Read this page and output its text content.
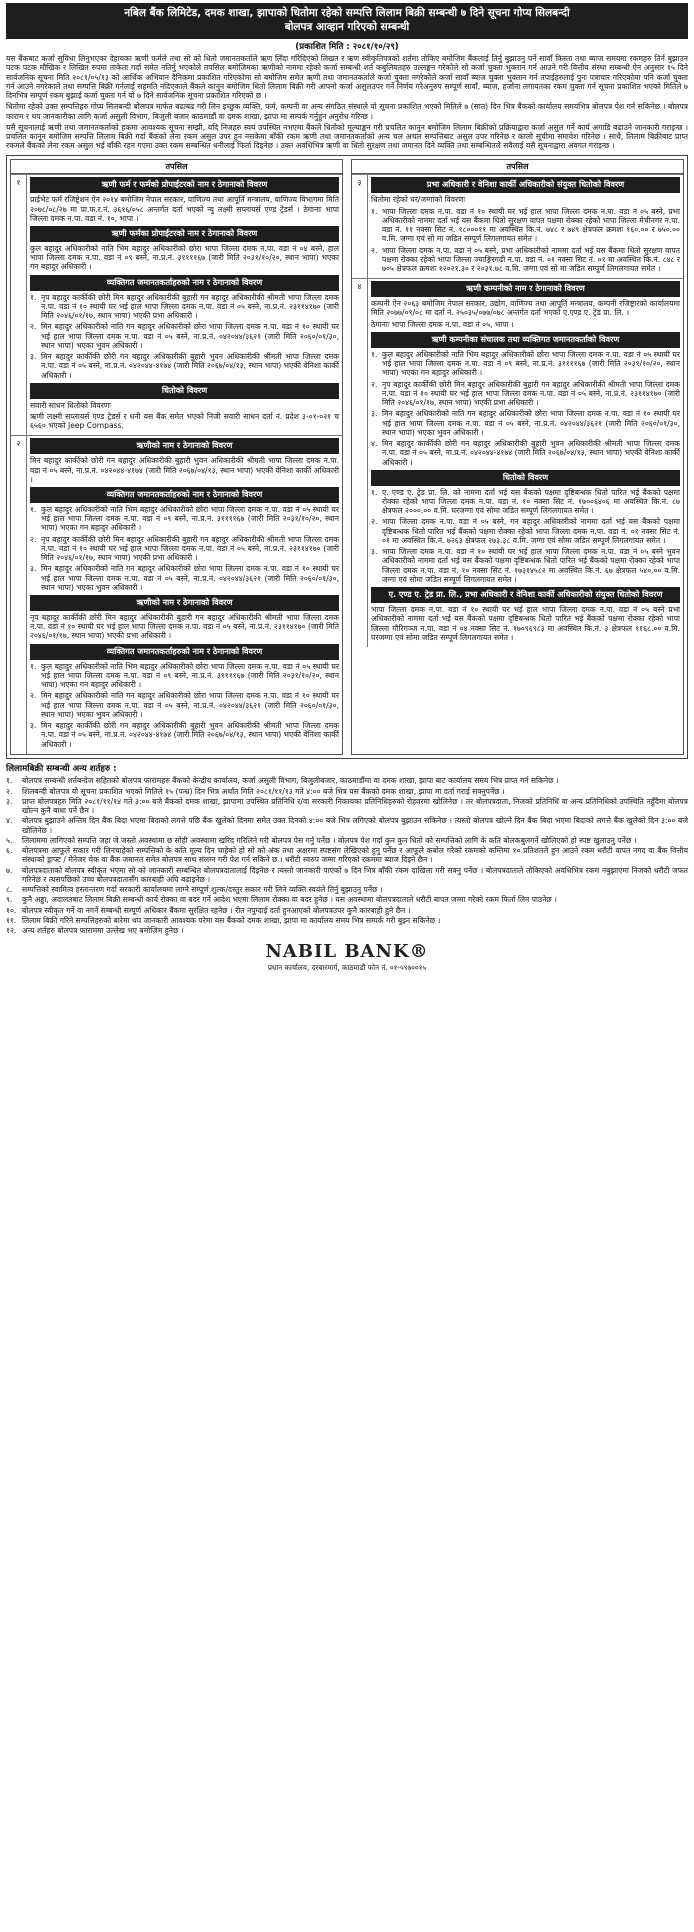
नबिल बैंक लिमिटेड, दमक शाखा, झापाको धितोमा रहेको सम्पत्ति लिलाम बिक्री सम्बन्धी ७ दिने सूचना गोप्य सिलबन्दी
बोलपत्र आव्हान गरिएको सम्बन्धी
(प्रकाशित मिति : २०८१/१०/२९)

यस बैंकबाट कर्जा सुविधा लिनुभएका देहायका ऋणी फर्मले तथा सो को धितो जमानतकर्ताले ऋण लिँदा गरिदिएको लिखत र ऋण स्वीकृतिपत्रको शर्तमा तोकिए बमोजिम बैंकलाई तिर्नु बुझाउनु पर्ने सावाँ किस्ता तथा ब्याज समयमा रकमहरु तिर्न बुझाउन पटक पटक मौखिक र लिखित रुपमा ताकेता गर्दा समेत नतिर्नु भएकोले तपसिल बमोजिमका ऋणीको नाममा रहेको कर्जा सम्बन्धी शर्त कबुलियतहरु उल्लङ्घन गरेकोले सो कर्जा चुक्ता भुक्तान गर्न आउने गरी वित्तीय संस्था सम्बन्धी ऐन अनुसार १५ दिने सार्वजनिक सूचना मिति २०८१/०५/१३ को आर्थिक अभियान दैनिकमा प्रकाशित गरिएकोमा सो बमोजिम समेत ऋणी तथा जमानतकर्ताले कर्जा चुक्ता नगरेकोले कर्जा सावाँ ब्याज चुक्ता भुक्तान गर्न तपाईहरुलाई पुनः पत्राचार गरिएकोमा पनि कर्जा चुक्ता गर्न आउने नगरेकाले तथा सम्पत्ति बिक्री गर्नलाई सहमति नदिएकाले बैंकले कानुन बमोजिम धितो लिलाम बिक्री गरी आफ्नो कर्जा असुलउपर गर्ने निर्णय गरेअनुरुप सम्पूर्ण सावाँ, ब्याज, हर्जाना लगायतका रकम चुक्ता गर्न सूचना प्रकाशित भएको मितिले ७ दिनभित्र सम्पूर्ण रकम बुझाई कर्जा चुक्ता गर्न यो ७ दिने सार्वजनिक सूचना प्रकाशित गरिएको छ ।

धितोमा रहेको उक्त सम्पत्तिहरु गोप्य सिलबन्दी बोलपत्र मार्फत बढाबढ गरी लिन इच्छुक व्यक्ति, फर्म, कम्पनी वा अन्य संगठित संस्थाले यो सूचना प्रकाशित भएको मितिले ७ (सात) दिन भित्र बैंकको कार्यालय समयभित्र बोलपत्र पेश गर्न सकिनेछ । बोलपत्र फाराम र थप जानकारीका लागि कर्जा असुली विभाग, बिजुली बजार काठमाडौं वा दमक शाखा, झापा मा सम्पर्क गर्नुहुन अनुरोध गरिन्छ ।

यसै सूचनालाई ऋणी तथा जमानतकर्ताको हकमा आवश्यक सूचना सम्झी, यदि निजहरु स्वयं उपस्थित नभएमा बैंकले धितोको मूल्याङ्कन गरी प्रचलित कानुन बमोजिम लिलाम बिक्रीको प्रक्रियाद्वारा कर्जा असुल गर्ने कार्य अगाडि बढाउने जानकारी गराइन्छ । प्रचलित कानून बमोजिम सम्पत्ति लिलाम बिक्री गर्दा बैंकको लेना रकम असुल उपर हुन नसकेमा बाँकी रकम ऋणी तथा जमानतकर्ताको अन्य चल अचल सम्पत्तिबाट असुल उपर गरिनेछ र कालो सूचीमा समावेश गरिनेछ । साथै, लिलाम बिक्रीबाट प्राप्त रकमले बैंकको लेना रकम असुल भई बाँकी रहन गएमा उक्त रकम सम्बन्धित धनीलाई फिर्ता दिइनेछ । उक्त अवधिभित्र ऋणी वा धितो सुरक्षण तथा जमानत दिने व्यक्ति तथा सम्बन्धितले सवैलाई यसै सूचनाद्वारा अवगत गराइन्छ ।

तपसिल
१	ऋणी फर्म र फर्मको प्रोपाईटरको नाम र ठेगानाको विवरण
प्राईभेट फर्म रजिष्ट्रेशन ऐन २०१४ बमोजिम नेपाल सरकार, वाणिज्य तथा आपूर्ति मन्त्रालय, वाणिज्य विभागमा मिति २०७८/०८/२७ मा प्रा.फ.र.नं. ३६१६/०५८ अन्तर्गत दर्ता भएको न्यु लक्ष्मी सप्लायर्स एण्ड ट्रेडर्स । ठेगानाः भापा जिल्ला दमक न.पा. वडा नं. १०, भापा ।
ऋणी फर्मका प्रोपाईटरको नाम र ठेगानाको विवरण
कुल बहादुर अधिकारीको नाति भिम बहादुर अधिकारीको छोरा भापा जिल्ला दमक न.पा. वडा नं ०४ बस्ने, हाल भापा जिल्ला दमक न.पा. वडा नं ०९ बस्ने, ना.प्र.नं. ३११११६७ (जारी मिति २०३१/१०/२०, स्थान भापा) भएका गन बहादुर अधिकारी ।
व्यक्तिगत जमानतकर्ताहरुको नाम र ठेगानाको विवरण
१. नृप बहादुर कार्कीकी छोरी मिन बहादुर अधिकारीकी बुहारी गन बहादुर अधिकारीकी श्रीमती भापा जिल्ला दमक न.पा. वडा नं १० स्थायी घर भई हाल भापा जिल्ला दमक न.पा. वडा नं ०५ बस्ने, ना.प्र.नं. २३११४१७० (जारी मिति २०४६/०१/१७, स्थान भापा) भएकी प्रभा अधिकारी ।
२. मिन बहादुर अधिकारीको नाति गन बहादुर अधिकारीको छोरा भापा जिल्ला दमक न.पा. वडा नं १० स्थायी घर भई हाल भापा जिल्ला दमक न.पा. वडा नं ०५ बस्ने, ना.प्र.नं. ०४२०४४/३६२१ (जारी मिति २०६०/०१/३०, स्थान भापा) भएका भुवन अधिकारी ।
३. मिन बहादुर कार्कीकी छोरी गन बहादुर अधिकारीकी बुहारी भुवन अधिकारीकी श्रीमती भापा जिल्ला दमक न.पा. वडा नं ०५ बस्ने, ना.प्र.नं. ०४२०४४-४१७४ (जारी मिति २०६७/०४/१३, स्थान भापा) भएकी वेनिशा कार्की अधिकारी ।
धितोको विवरण
सवारी साधन धितोको विवरणः
ऋणी लक्ष्मी सप्लायर्स एण्ड ट्रेडर्स र धनी यस बैंक समेत भएको निजी सवारी साधन दर्ता नं. प्रदेश ३-०१-०२१ च ६५६० भएको Jeep Compass.
२	ऋणीको नाम र ठेगानाको विवरण
मिन बहादुर कार्कीको छोरी गन बहादुर अधिकारीकी बुहारी भुवन अधिकारीकी श्रीमती भापा जिल्ला दमक न.पा. वडा नं ०५ बस्ने, ना.प्र.नं. ०४२०४४-४१७४ (जारी मिति २०६७/०४/१३, स्थान भापा) भएकी वेनिशा कार्की अधिकारी ।
व्यक्तिगत जमानतकर्ताहरुको नाम र ठेगानाको विवरण
१. कुल बहादुर अधिकारीको नाति भिम बहादुर अधिकारीको छोरा भापा जिल्ला दमक न.पा. वडा नं ०५ स्थायी घर भई हाल भापा जिल्ला दमक न.पा. वडा नं ०९ बस्ने, ना.प्र.नं. ३११११६७ (जारी मिति २०३१/१०/२०, स्थान भापा) भएका गन बहादुर अधिकारी ।
२. नृप बहादुर कार्कीकी छोरी मिन बहादुर अधिकारीकी बुहारी गन बहादुर अधिकारीकी श्रीमती भापा जिल्ला दमक न.पा. वडा नं १० स्थायी घर भई हाल भापा जिल्ला दमक न.पा. वडा नं ०५ बस्ने, ना.प्र.नं. २३११४१७० (जारी मिति २०४६/०१/१७, स्थान भापा) भएकी प्रभा अधिकारी ।
३. मिन बहादुर अधिकारीको नाति गन बहादुर अधिकारीको छोरा भापा जिल्ला दमक न.पा. वडा नं १० स्थायी घर भई हाल भापा जिल्ला दमक न.पा. वडा नं ०५ बस्ने, ना.प्र.नं. ०४२०४४/३६२१ (जारी मिति २०६०/०१/३०, स्थान भापा) भएका भुवन अधिकारी ।
ऋणीको नाम र ठेगानाको विवरण
नृप बहादुर कार्कीकी छोरी मिन बहादुर अधिकारीकी बुहारी गन बहादुर अधिकारीकी श्रीमती भापा जिल्ला दमक न.पा. वडा नं १० स्थायी घर भई हाल भापा जिल्ला दमक न.पा. वडा नं ०५ बस्ने, ना.प्र.नं. २३११४१७० (जारी मिति २०४६/०१/१७, स्थान भापा) भएकी प्रभा अधिकारी ।
व्यक्तिगत जमानतकर्ताहरुको नाम र ठेगानाको विवरण
१. कुल बहादुर अधिकारीको नाति भिम बहादुर अधिकारीको छोरा भापा जिल्ला दमक न.पा. वडा नं ०५ स्थायी घर भई हाल भापा जिल्ला दमक न.पा. वडा नं ०९ बस्ने, ना.प्र.नं. ३११११६७ (जारी मिति २०३१/१०/२०, स्थान भापा) भएका गन बहादुर अधिकारी ।
२. मिन बहादुर अधिकारीको नाति गन बहादुर अधिकारीको छोरा भापा जिल्ला दमक न.पा. वडा नं १० स्थायी घर भई हाल भापा जिल्ला दमक न.पा. वडा नं ०५ बस्ने, ना.प्र.नं. ०४२०४४/३६२१ (जारी मिति २०६०/०१/३०, स्थान भापा) भएका भुवन अधिकारी ।
३. मिन बहादुर कार्कीकी छोरी गन बहादुर अधिकारीकी बुहारी भुवन अधिकारीकी श्रीमती भापा जिल्ला दमक न.पा. वडा नं ०५ बस्ने, ना.प्र.नं. ०४२०४४-४१७४ (जारी मिति २०६७/०४/१३, स्थान भापा) भएकी वेनिशा कार्की अधिकारी ।
तपसिल
३	प्रभा अधिकारी र वेनिशा कार्की अधिकारीको संयुक्त धितोको विवरण
धितोमा रहेको घर/जग्गाको विवरणः
१. भापा जिल्ला दमक न.पा. वडा नं १० स्थायी घर भई हाल भापा जिल्ला दमक न.पा. वडा नं ०५ बस्ने, प्रभा अधिकारीको नाममा दर्ता भई यस बैंकमा धितो सुरक्षण वापत पक्षमा रोक्का रहेको भापा जिल्ला मेचीनगर न.पा. वडा नं. ११ नक्सा सिट नं. १८०००११ मा अवस्थित कि.नं. ७४८ र ७४९ क्षेत्रफल क्रमशः १६०.०० र ७५०.०० व.मि. जग्गा एवं सो मा जडित सम्पूर्ण लिगलगायत समेत ।
२. भापा जिल्ला दमक न.पा. वडा नं ०५ बस्ने, प्रभा अधिकारीको नाममा दर्ता भई यस बैंकमा धितो सुरक्षण वापत पक्षमा रोक्का रहेको भापा जिल्ला ज्याङ्गिरगढी न.पा. वडा नं. ०१ नक्सा सिट नं. ०१ मा अवस्थित कि.नं. ८४८ र ७०५ क्षेत्रफल क्रमशः १२०२१.३० र २०३१.७८ व.मि. जग्गा एवं सो मा जडित सम्पूर्ण लिगलगायत समेत ।
४	ऋणी कम्पनीको नाम र ठेगानाको विवरण
कम्पनी ऐन २०६३ बमोजिम नेपाल सरकार, उद्योग, वाणिज्य तथा आपूर्ति मन्त्रालय, कम्पनी रजिष्ट्रारको कार्यालयमा मिति २०७७/०९/०८ मा दर्ता नं. २५०३५/०७७/०७८ अन्तर्गत दर्ता भएको ए.एण्ड ए. ट्रेड प्रा. लि. ।
ठेगानाः भापा जिल्ला दमक न.पा. वडा नं ०५, भापा ।
ऋणी कम्पनीका संचालक तथा व्यक्तिगत जमानतकर्ताको विवरण
१. कुल बहादुर अधिकारीको नाति भिम बहादुर अधिकारीको छोरा भापा जिल्ला दमक न.पा. वडा नं ०५ स्थायी घर भई हाल भापा जिल्ला दमक न.पा. वडा नं ०९ बस्ने, ना.प्र.नं. ३११११६७ (जारी मिति २०३१/१०/२०, स्थान भापा) भएका गन बहादुर अधिकारी ।
२. नृप बहादुर कार्कीकी छोरी मिन बहादुर अधिकारीकी बुहारी गन बहादुर अधिकारीकी श्रीमती भापा जिल्ला दमक न.पा. वडा नं १० स्थायी घर भई हाल भापा जिल्ला दमक न.पा. वडा नं ०५ बस्ने, ना.प्र.नं. २३११४१७० (जारी मिति २०४६/०१/१७, स्थान भापा) भएकी प्रभा अधिकारी ।
३. मिन बहादुर अधिकारीको नाति गन बहादुर अधिकारीको छोरा भापा जिल्ला दमक न.पा. वडा नं १० स्थायी घर भई हाल भापा जिल्ला दमक न.पा. वडा नं ०५ बस्ने, ना.प्र.नं. ०४२०४४/३६२१ (जारी मिति २०६०/०१/३०, स्थान भापा) भएका भुवन अधिकारी ।
४. मिन बहादुर कार्कीकी छोरी गन बहादुर अधिकारीकी बुहारी भुवन अधिकारीकी श्रीमती भापा जिल्ला दमक न.पा. वडा नं ०५ बस्ने, ना.प्र.नं. ०४२०४४-४१७४ (जारी मिति २०६७/०४/१३, स्थान भापा) भएकी वेनिशा कार्की अधिकारी ।
धितोको विवरण
१. ए. एण्ड ए. ट्रेड प्रा. लि. को नाममा दर्ता भई यस बैंकको पक्षमा दृष्टिबन्धक धितो पारित भई बैंकको पक्षमा रोक्का रहेको भापा जिल्ला दमक न.पा. वडा नं. १० नक्सा सिट नं. १७००६४०६ मा अवस्थित कि.नं. ८७ क्षेत्रफल २०००.०० व.मि. घरजग्गा एवं सोमा जडित सम्पूर्ण लिगलगायत समेत ।
२. भापा जिल्ला दमक न.पा. वडा नं ०५ बस्ने, गन बहादुर अधिकारीको नाममा दर्ता भई यस बैंकको पक्षमा दृष्टिबन्धक धितो पारित भई बैंकको पक्षमा रोक्का रहेको भापा जिल्ला दमक न.पा. वडा नं. ०१ नक्सा सिट नं. ०१ मा अवस्थित कि.नं. ७२६३ क्षेत्रफल २७३.३८ व.मि. जग्गा एवं सोमा जडित सम्पूर्ण लिगलगायत समेत ।
३. भापा जिल्ला दमक न.पा. वडा नं १० स्थायी घर भई हाल भापा जिल्ला दमक न.पा. वडा नं ०५ बस्ने भुवन अधिकारीको नाममा दर्ता भई यस बैंकको पक्षमा दृष्टिबन्धक धितो पारित भई बैंकको पक्षमा रोक्का रहेको भापा जिल्ला दमक न.पा. वडा नं. १० नक्सा सिट नं. १७३१४५८२ मा अवस्थित कि.नं. ६७ क्षेत्रफल ५४०.०० व.मि. जग्गा एवं सोमा जडित सम्पूर्ण लिगलगायत समेत ।
ए. एण्ड ए. ट्रेड प्रा. लि., प्रभा अधिकारी र वेनिशा कार्की अधिकारीको संयुक्त धितोको विवरण
भापा जिल्ला दमक न.पा. वडा नं १० स्थायी घर भई हाल भापा जिल्ला दमक न.पा. वडा नं ०५ बस्ने प्रभा अधिकारीको नाममा दर्ता भई यस बैंकको पक्षमा दृष्टिबन्धक धितो पारित भई बैंकको पक्षमा रोक्का रहेको भापा जिल्ला गौरिगञ्ज न.पा. वडा नं ०४ नक्सा सिट नं. १७०९६९८३ मा अवस्थित कि.नं. ३ क्षेत्रफल ११६८.०० व.मि. घरजग्गा एवं सोमा जडित सम्पूर्ण लिगलगायत समेत ।
लिलामबिक्री सम्बन्धी अन्य शर्तहरु :
१.	बोलपत्र सम्बन्धी शर्तबन्देज सहितको बोलपत्र फारामहरु बैंकको केन्द्रीय कार्यालय, कर्जा असुली विभाग, बिजुलीबजार, काठमाडौंमा वा दमक शाखा, झापा बाट कार्यालय समय भित्र प्राप्त गर्न सकिनेछ ।
२.	शिलबन्दी बोलपत्र यो सूचना प्रकाशित भएको मितिले १५ (पन्ध्र) दिन भित्र अर्थात मिति २०८१/११/१३ गते ४:०० बजे भित्र यस बैंकको दमक शाखा, झापा मा दर्ता गराई सक्नुपर्नेछ ।
३.	प्राप्त बोलपत्रहरु मिति २०८१/११/१४ गते ३:०० बजे बैंकको दमक शाखा, झापामा उपस्थित प्रतिनिधि र/वा सरकारी निकायका प्रतिनिधिहरुको रोहवरमा खोलिनेछ । तर बोलपत्रदाता, निजको प्रतिनिधि वा अन्य प्रतिनिधिको उपस्थिति नहुँदैमा बोलपत्र खोल्न कुनै बाधा पर्ने छैन ।
४.	बोलपत्र बुझाउने अन्तिम दिन बैंक बिदा भएमा बिदाको लगत्ते पछि बैंक खुलेको दिनमा समेत उक्त दिनको ४:०० बजे भित्र लगिएको बोलपत्र बुझाउन सकिनेछ । त्यस्तो बोलपत्र खोल्ने दिन बैंक बिदा भएमा बिदाको लगत्ते बैंक खुलेको दिन ३:०० बजे खोलिनेछ ।
५.	लिलाममा लागिएको सम्पत्ति जहा जे जस्तो अवस्थामा छ सोही अवस्थामा खरिद गरिलिने गरी बोलपत्र पेस गर्नु पर्नेछ । बोलपत्र पेश गर्दा कुन कुन धितो को सम्पत्तिको लागि के कति बोलकबुलगर्ने खोलिएको हो स्पष्ट खुलाउनु पर्नेछ ।
६.	बोलपत्रमा आफूले सकार गरी लिनचाहेको सम्पत्तिको के कति मूल्य दिन चाहेको हो सो को अंक तथा अक्षरमा स्पष्टसंग लेखिएको हुनु पर्नेछ र आफूले कबोल गरेको रकमको कम्तिमा १० प्रतिशतले हुन आउने रकम धरौटी वापत नगद वा बैंक वित्तीय संस्थाको ड्राफ्ट / मेनेजर चेक वा बैंक जमानत समेत बोलपत्र साथ संलग्न गरी पेश गर्न सकिने छ । धरौटी स्वरुप जम्मा गरिएको रकममा ब्याज दिइने छैन ।
७.	बोलपत्रदाताको बोलपत्र स्वीकृत भएमा सो को जानकारी सम्बन्धित बोलपत्रदातालाई दिइनेछ र त्यस्तो जानकारी पाएको ७ दिन भित्र बाँकी रकम दाखिला गरी सक्नु पर्नेछ । बोलपत्रदाताले तोकिएको अवधिभित्र रकम नबुझाएमा निजको धरौटी जफत गरिनेछ र त्यसपछिको उच्च बोलपत्रदातासँग कारबाही अघि बढाइनेछ ।
८.	सम्पत्तिको स्वामित्व हस्तान्तरण गर्दा सरकारी कार्यालयमा लाग्ने सम्पूर्ण शुल्क/दस्तुर सकार गरी लिने व्यक्ति स्वयंले तिर्नु बुझाउनु पर्नेछ ।
९.	कुनै अड्डा, अदालतबाट लिलाम बिक्री सम्बन्धी कार्य रोक्का वा बदर गर्ने आदेश भएमा लिलाम रोक्का वा बदर हुनेछ । यस अवस्थामा बोलपत्रदाताले धरौटी बापत जम्मा गरेको रकम फिर्ता लिन पाउनेछ ।
१०. बोलपत्र स्वीकृत गर्ने वा नगर्ने सम्बन्धी सम्पूर्ण अधिकार बैंकमा सुरक्षित रहनेछ । रीत नपुग्दाई दर्ता हुनआएको बोलपत्रउपर कुनै कारबाही हुने छैन ।
११. लिलाम बिक्री गरिने सम्पत्तिहरुको बारेमा थप जानकारी आवश्यक परेमा यस बैंकको दमक शाखा, झापा मा कार्यालय समय भित्र सम्पर्क गरी बुझ्न सकिनेछ ।
१२. अन्य शर्तहरु बोलपत्र फाराममा उल्लेख भए बमोजिम हुनेछ ।
NABIL BANK®
प्रधान कार्यालय, दरबारमार्ग, काठमाडौं फोन नं. ०१-५९७००१५
